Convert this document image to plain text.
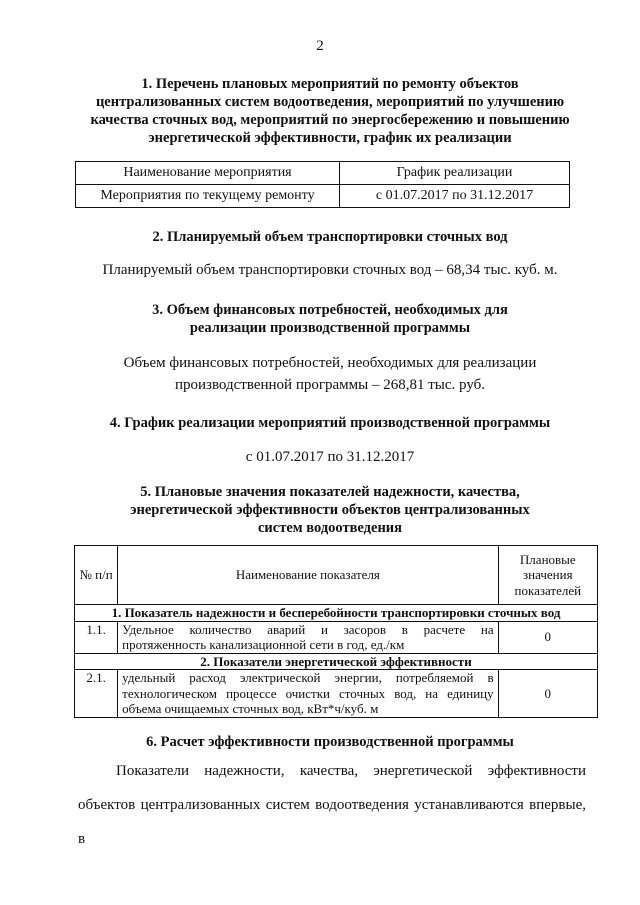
2
1. Перечень плановых мероприятий по ремонту объектов
централизованных систем водоотведения, мероприятий по улучшению
качества сточных вод, мероприятий по энергосбережению и повышению
энергетической эффективности, график их реализации
Наименование мероприятия	График реализации
Мероприятия по текущему ремонту	с 01.07.2017 по 31.12.2017
2. Планируемый объем транспортировки сточных вод
Планируемый объем транспортировки сточных вод – 68,34 тыс. куб. м.
3. Объем финансовых потребностей, необходимых для
реализации производственной программы
Объем финансовых потребностей, необходимых для реализации
производственной программы – 268,81 тыс. руб.
4. График реализации мероприятий производственной программы
с 01.07.2017 по 31.12.2017
5. Плановые значения показателей надежности, качества,
энергетической эффективности объектов централизованных
систем водоотведения
№ п/п	Наименование показателя	Плановые значения показателей
1. Показатель надежности и бесперебойности транспортировки сточных вод		
1.1.	Удельное количество аварий и засоров в расчете на
протяженность канализационной сети в год, ед./км	0
2. Показатели энергетической эффективности		
2.1.	удельный расход электрической энергии, потребляемой в
технологическом процессе очистки сточных вод, на единицу
объема очищаемых сточных вод, кВт*ч/куб. м	0
6. Расчет эффективности производственной программы
Показатели надежности, качества, энергетической эффективности
объектов централизованных систем водоотведения устанавливаются впервые, в
